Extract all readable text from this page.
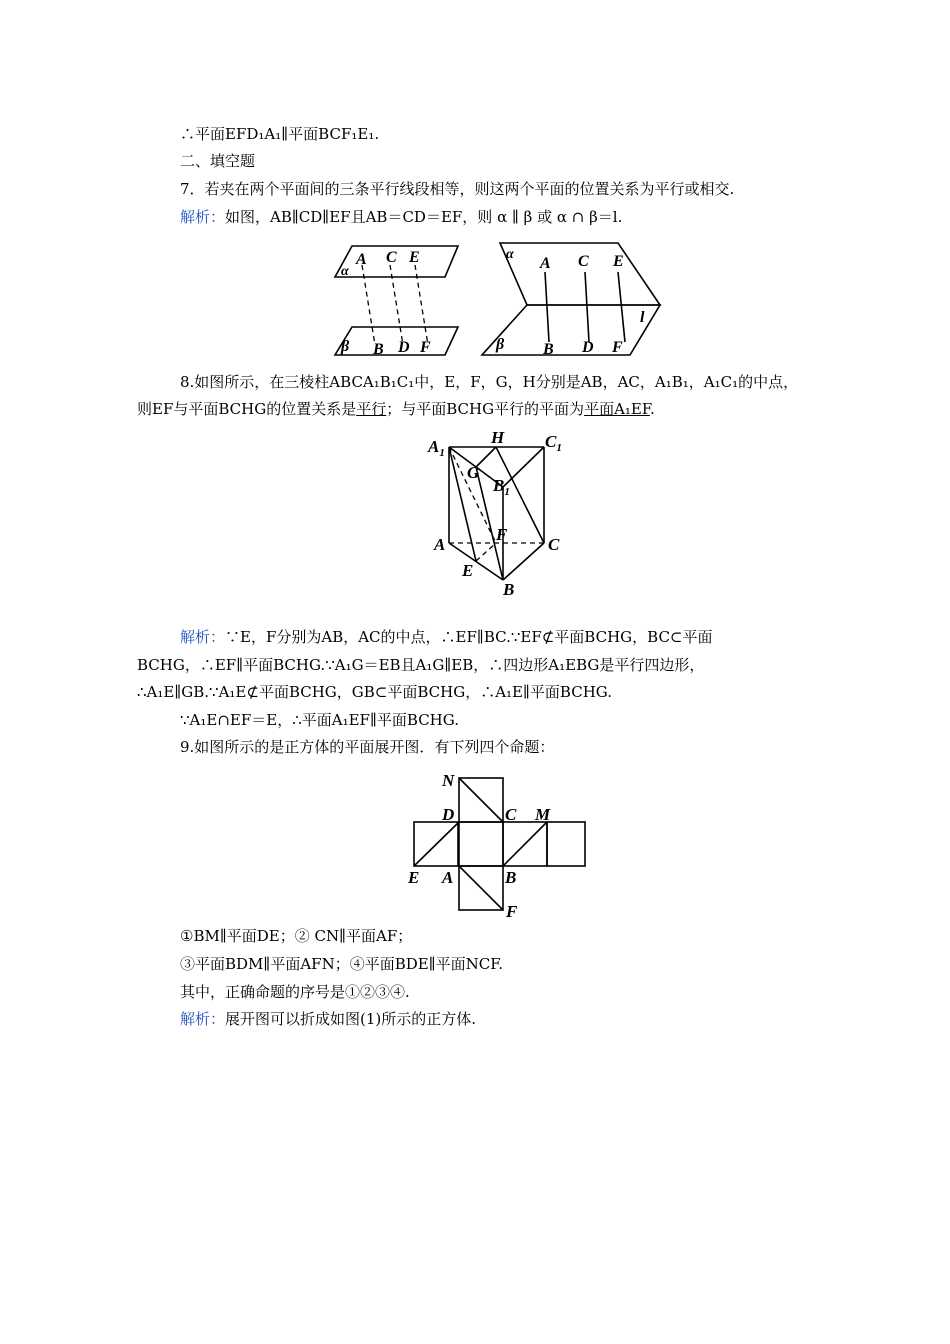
∴平面EFD₁A₁∥平面BCF₁E₁.
二、填空题
7．若夹在两个平面间的三条平行线段相等，则这两个平面的位置关系为平行或相交.
解析：如图，AB∥CD∥EF且AB＝CD＝EF，则 α ∥ β 或 α ∩ β＝l.
α
A C E
β B D F
α
A C E
l
β B D F
8.如图所示，在三棱柱ABCA₁B₁C₁中，E，F，G，H分别是AB，AC，A₁B₁，A₁C₁的中点，
则EF与平面BCHG的位置关系是平行；与平面BCHG平行的平面为平面A₁EF.
$A_1$
H $C_1$
G
$B_1$
F
A	C
E
B
解析：∵E，F分别为AB，AC的中点，∴EF∥BC.∵EF⊄平面BCHG，BC⊂平面
BCHG，∴EF∥平面BCHG.∵A₁G＝EB且A₁G∥EB，∴四边形A₁EBG是平行四边形，
∴A₁E∥GB.∵A₁E⊄平面BCHG，GB⊂平面BCHG，∴A₁E∥平面BCHG.
∵A₁E∩EF＝E，∴平面A₁EF∥平面BCHG.
9.如图所示的是正方体的平面展开图．有下列四个命题：
N
D	C M
E A	B
F
①BM∥平面DE；② CN∥平面AF；
③平面BDM∥平面AFN；④平面BDE∥平面NCF.
其中，正确命题的序号是①②③④.
解析：展开图可以折成如图(1)所示的正方体.
